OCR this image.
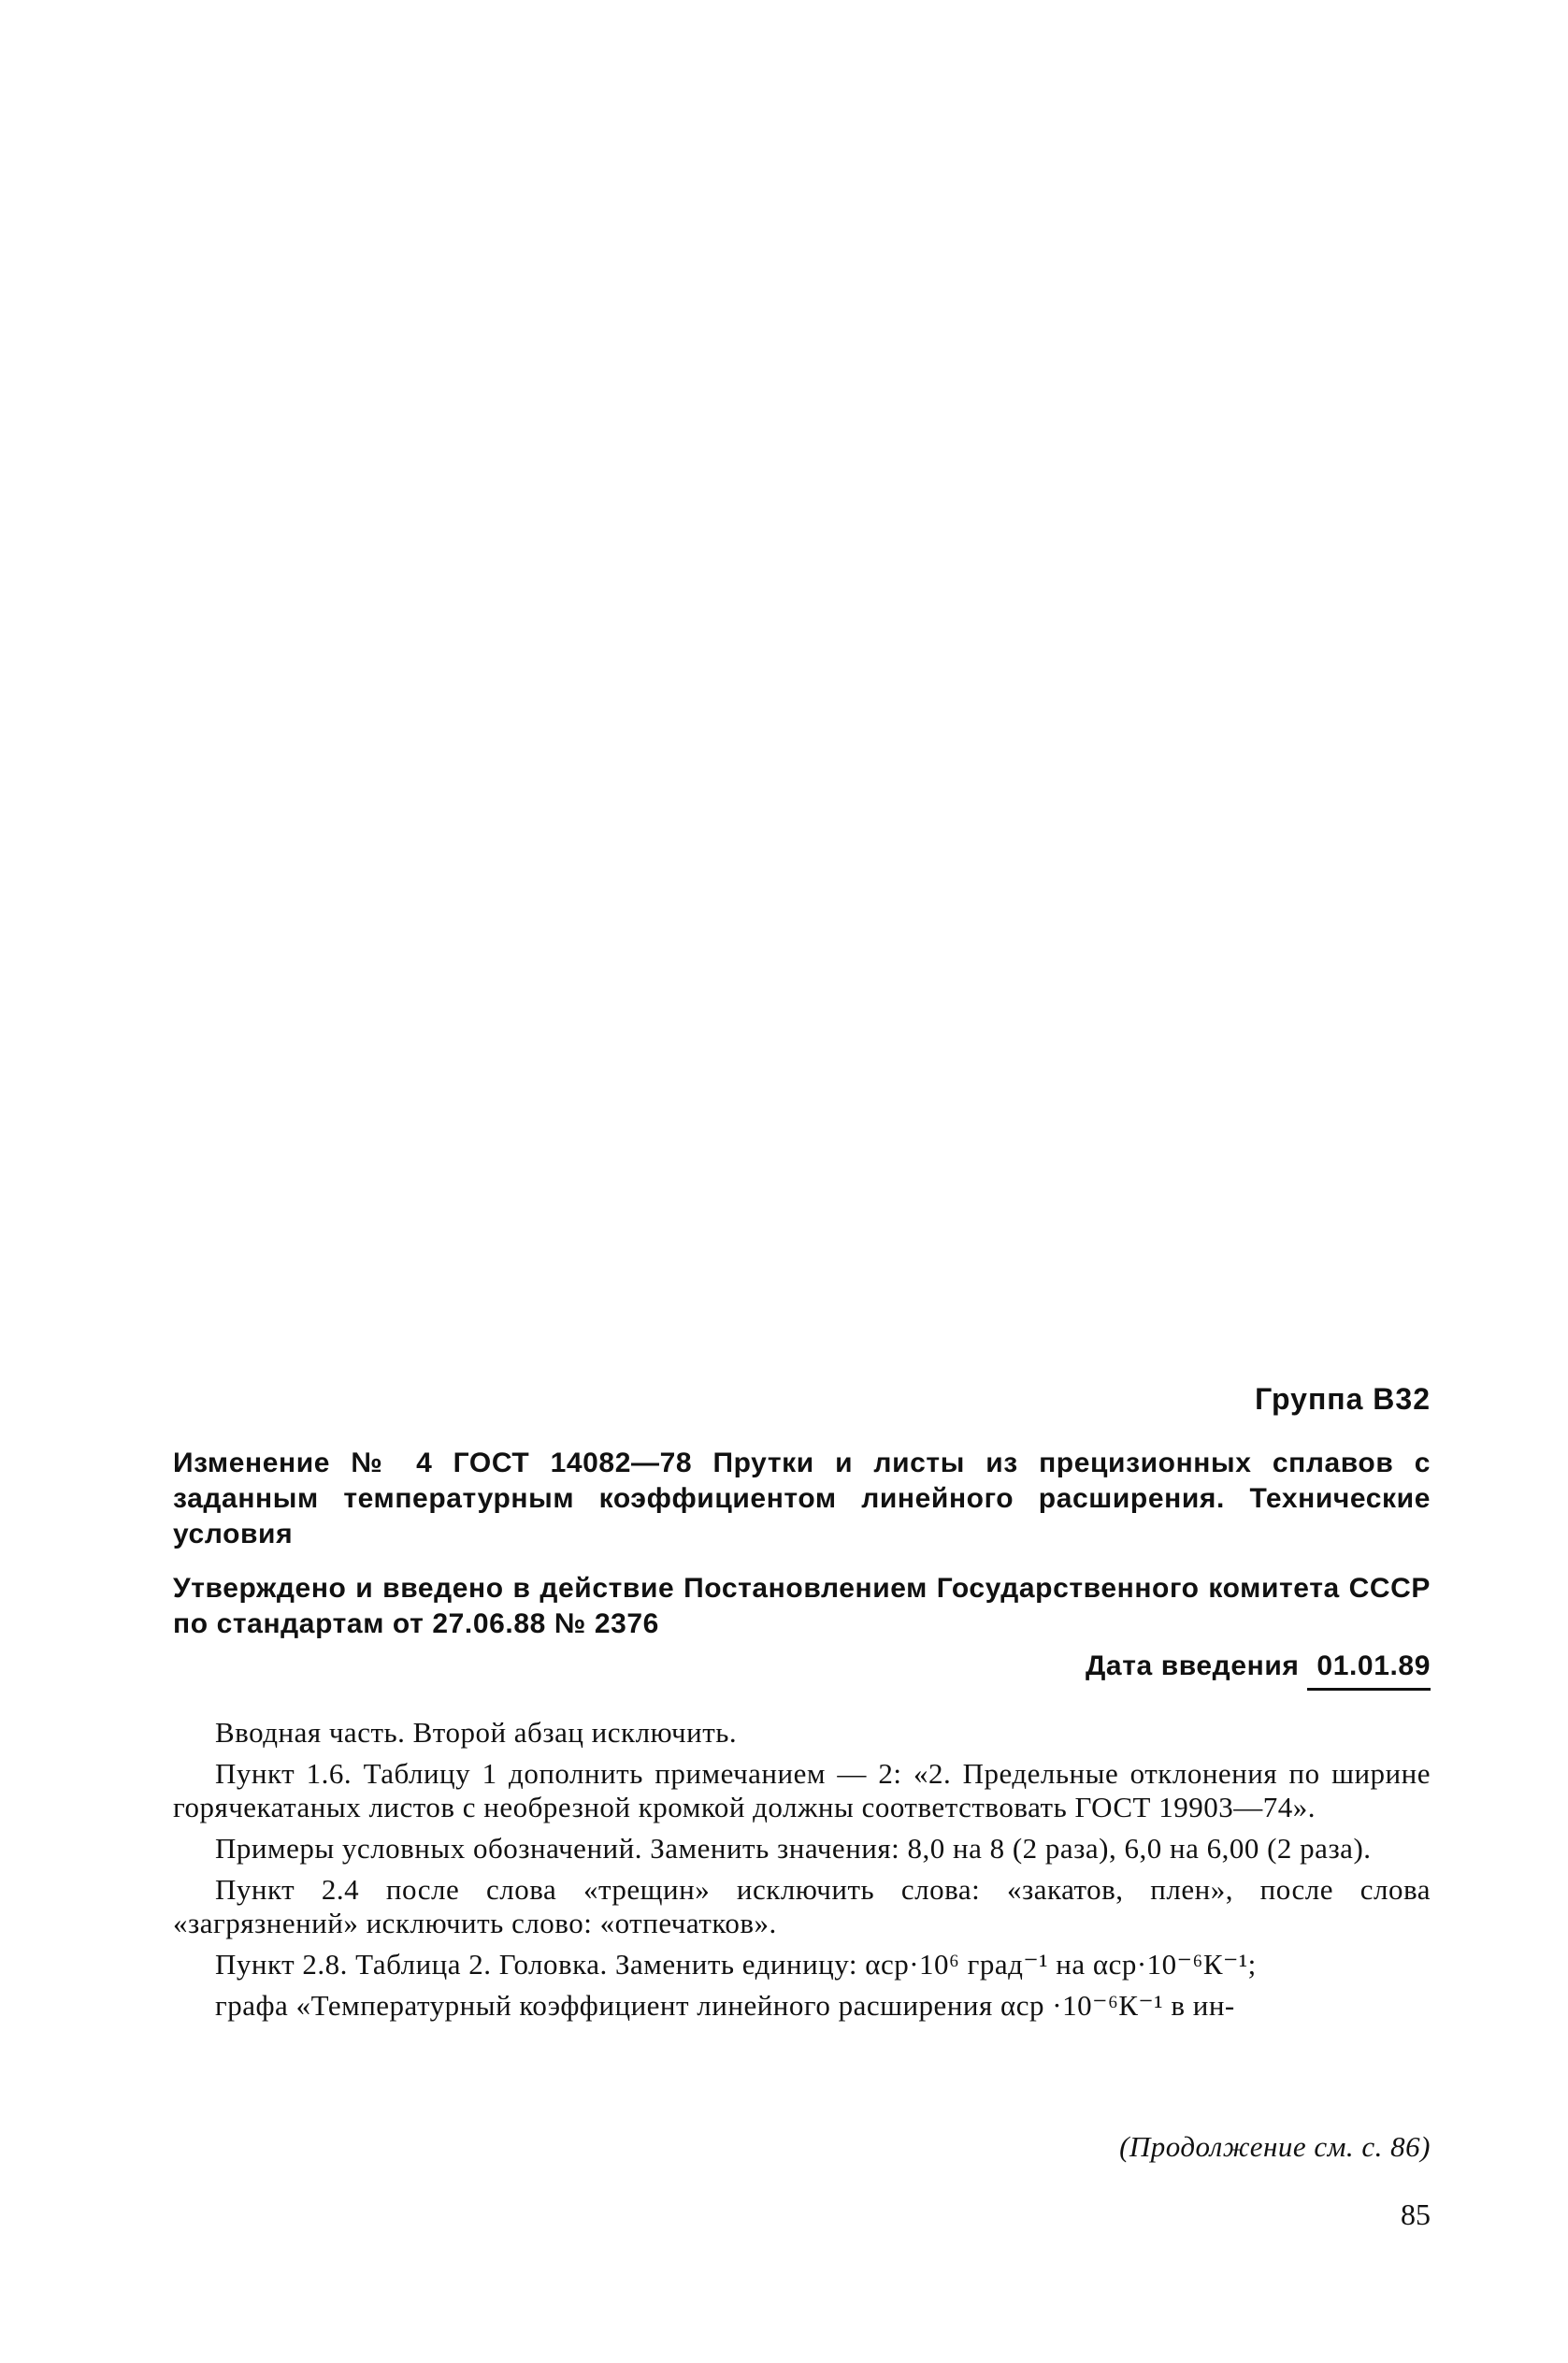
Группа В32
Изменение № 4 ГОСТ 14082—78 Прутки и листы из прецизионных сплавов с заданным температурным коэффициентом линейного расширения. Технические условия
Утверждено и введено в действие Постановлением Государственного комитета СССР по стандартам от 27.06.88 № 2376
Дата введения 01.01.89

Вводная часть. Второй абзац исключить.

Пункт 1.6. Таблицу 1 дополнить примечанием — 2: «2. Предельные отклонения по ширине горячекатаных листов с необрезной кромкой должны соответствовать ГОСТ 19903—74».

Примеры условных обозначений. Заменить значения: 8,0 на 8 (2 раза), 6,0 на 6,00 (2 раза).

Пункт 2.4 после слова «трещин» исключить слова: «закатов, плен», после слова «загрязнений» исключить слово: «отпечатков».

Пункт 2.8. Таблица 2. Головка. Заменить единицу: αср·10⁶ град⁻¹ на αср·10⁻⁶К⁻¹;

графа «Температурный коэффициент линейного расширения αср ·10⁻⁶К⁻¹ в ин-

(Продолжение см. с. 86)
85
